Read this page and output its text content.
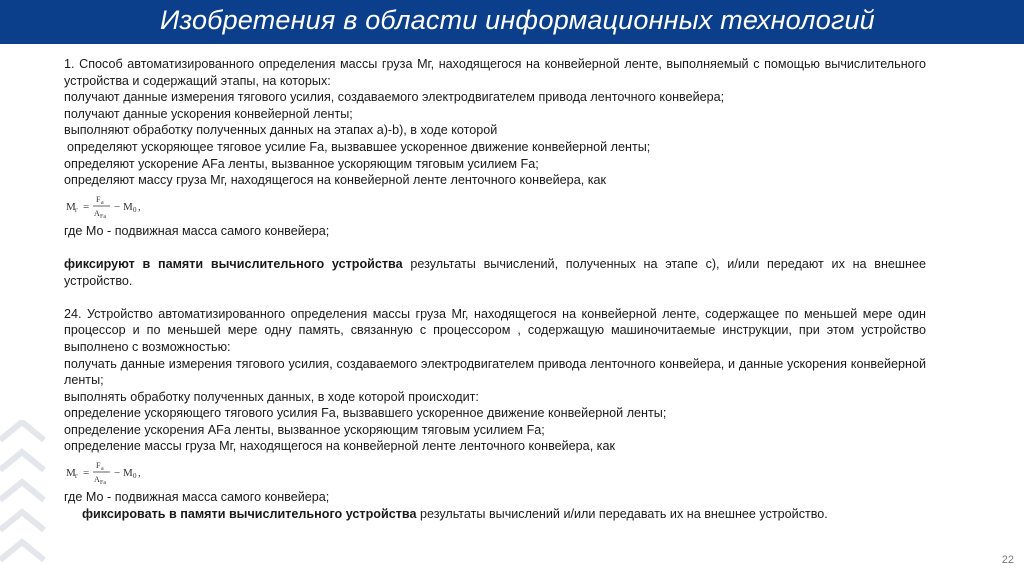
Изобретения в области информационных технологий

1. Способ автоматизированного определения массы груза Мг, находящегося на конвейерной ленте, выполняемый с помощью вычислительного устройства и содержащий этапы, на которых:

получают данные измерения тягового усилия, создаваемого электродвигателем привода ленточного конвейера;

получают данные ускорения конвейерной ленты;

выполняют обработку полученных данных на этапах а)-b), в ходе которой

определяют ускоряющее тяговое усилие Fa, вызвавшее ускоренное движение конвейерной ленты;

определяют ускорение AFa ленты, вызванное ускоряющим тяговым усилием Fa;

определяют массу груза Мг, находящегося на конвейерной ленте ленточного конвейера, как

M г =
F a
A Fa
− M 0 ,

где Мо - подвижная масса самого конвейера;

фиксируют в памяти вычислительного устройства результаты вычислений, полученных на этапе с), и/или передают их на внешнее устройство.

24. Устройство автоматизированного определения массы груза Мг, находящегося на конвейерной ленте, содержащее по меньшей мере один процессор и по меньшей мере одну память, связанную с процессором , содержащую машиночитаемые инструкции, при этом устройство выполнено с возможностью:

получать данные измерения тягового усилия, создаваемого электродвигателем привода ленточного конвейера, и данные ускорения конвейерной ленты;

выполнять обработку полученных данных, в ходе которой происходит:

определение ускоряющего тягового усилия Fa, вызвавшего ускоренное движение конвейерной ленты;

определение ускорения AFa ленты, вызванное ускоряющим тяговым усилием Fa;

определение массы груза Мг, находящегося на конвейерной ленте ленточного конвейера, как

M г =
F a
A Fa
− M 0 ,

где Мо - подвижная масса самого конвейера;

фиксировать в памяти вычислительного устройства результаты вычислений и/или передавать их на внешнее устройство.

22
